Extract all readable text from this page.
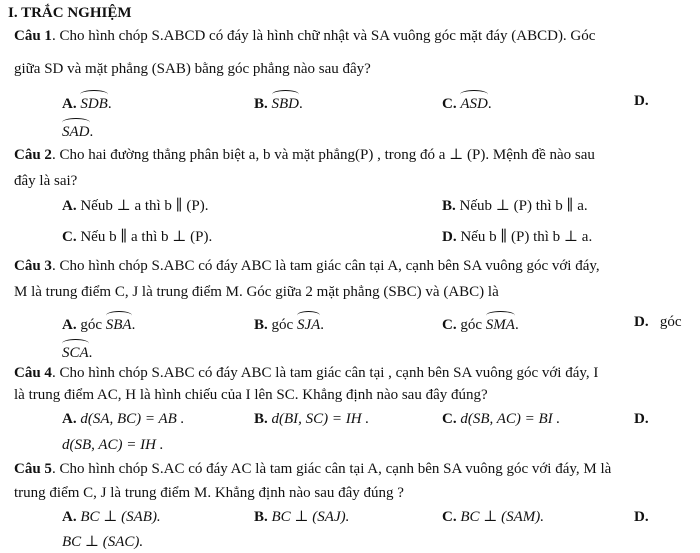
I. TRẮC NGHIỆM
Câu 1. Cho hình chóp S.ABCD có đáy là hình chữ nhật và SA vuông góc mặt đáy (ABCD). Góc
giữa SD và mặt phẳng (SAB) bằng góc phẳng nào sau đây?
A. SDB.	B. SBD.	C. ASD.	D.
SAD.
Câu 2. Cho hai đường thẳng phân biệt a, b và mặt phẳng(P) , trong đó a ⊥ (P). Mệnh đề nào sau
đây là sai?
A. Nếub ⊥ a thì b ∥ (P).	B. Nếub ⊥ (P) thì b ∥ a.
C. Nếu b ∥ a thì b ⊥ (P).	D. Nếu b ∥ (P) thì b ⊥ a.
Câu 3. Cho hình chóp S.ABC có đáy ABC là tam giác cân tại A, cạnh bên SA vuông góc với đáy,
M là trung điểm C, J là trung điểm M. Góc giữa 2 mặt phẳng (SBC) và (ABC) là
A. góc SBA.	B. góc SJA.	C. góc SMA.	D. góc
SCA.
Câu 4. Cho hình chóp S.ABC có đáy ABC là tam giác cân tại , cạnh bên SA vuông góc với đáy, I
là trung điểm AC, H là hình chiếu của I lên SC. Khẳng định nào sau đây đúng?
A. d(SA, BC) = AB .	B. d(BI, SC) = IH .	C. d(SB, AC) = BI .	D.
d(SB, AC) = IH .
Câu 5. Cho hình chóp S.AC có đáy AC là tam giác cân tại A, cạnh bên SA vuông góc với đáy, M là
trung điểm C, J là trung điểm M. Khẳng định nào sau đây đúng ?
A. BC ⊥ (SAB).	B. BC ⊥ (SAJ).	C. BC ⊥ (SAM).	D.
BC ⊥ (SAC).
